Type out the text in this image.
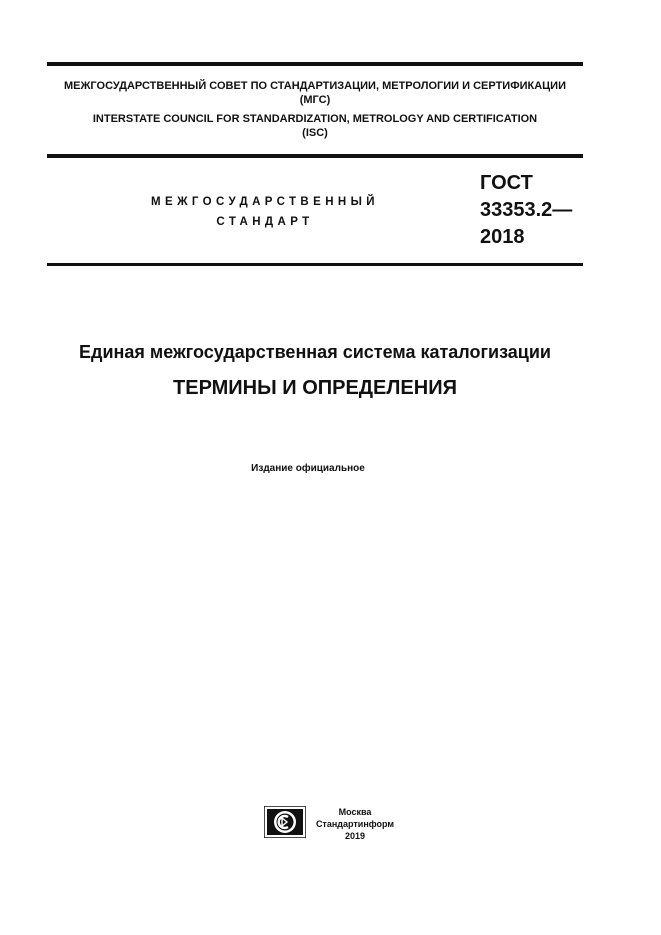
МЕЖГОСУДАРСТВЕННЫЙ СОВЕТ ПО СТАНДАРТИЗАЦИИ, МЕТРОЛОГИИ И СЕРТИФИКАЦИИ
(МГС)
INTERSTATE COUNCIL FOR STANDARDIZATION, METROLOGY AND CERTIFICATION
(ISC)
МЕЖГОСУДАРСТВЕННЫЙ
СТАНДАРТ
ГОСТ
33353.2—
2018
Единая межгосударственная система каталогизации
ТЕРМИНЫ И ОПРЕДЕЛЕНИЯ
Издание официальное
Москва
Стандартинформ
2019
